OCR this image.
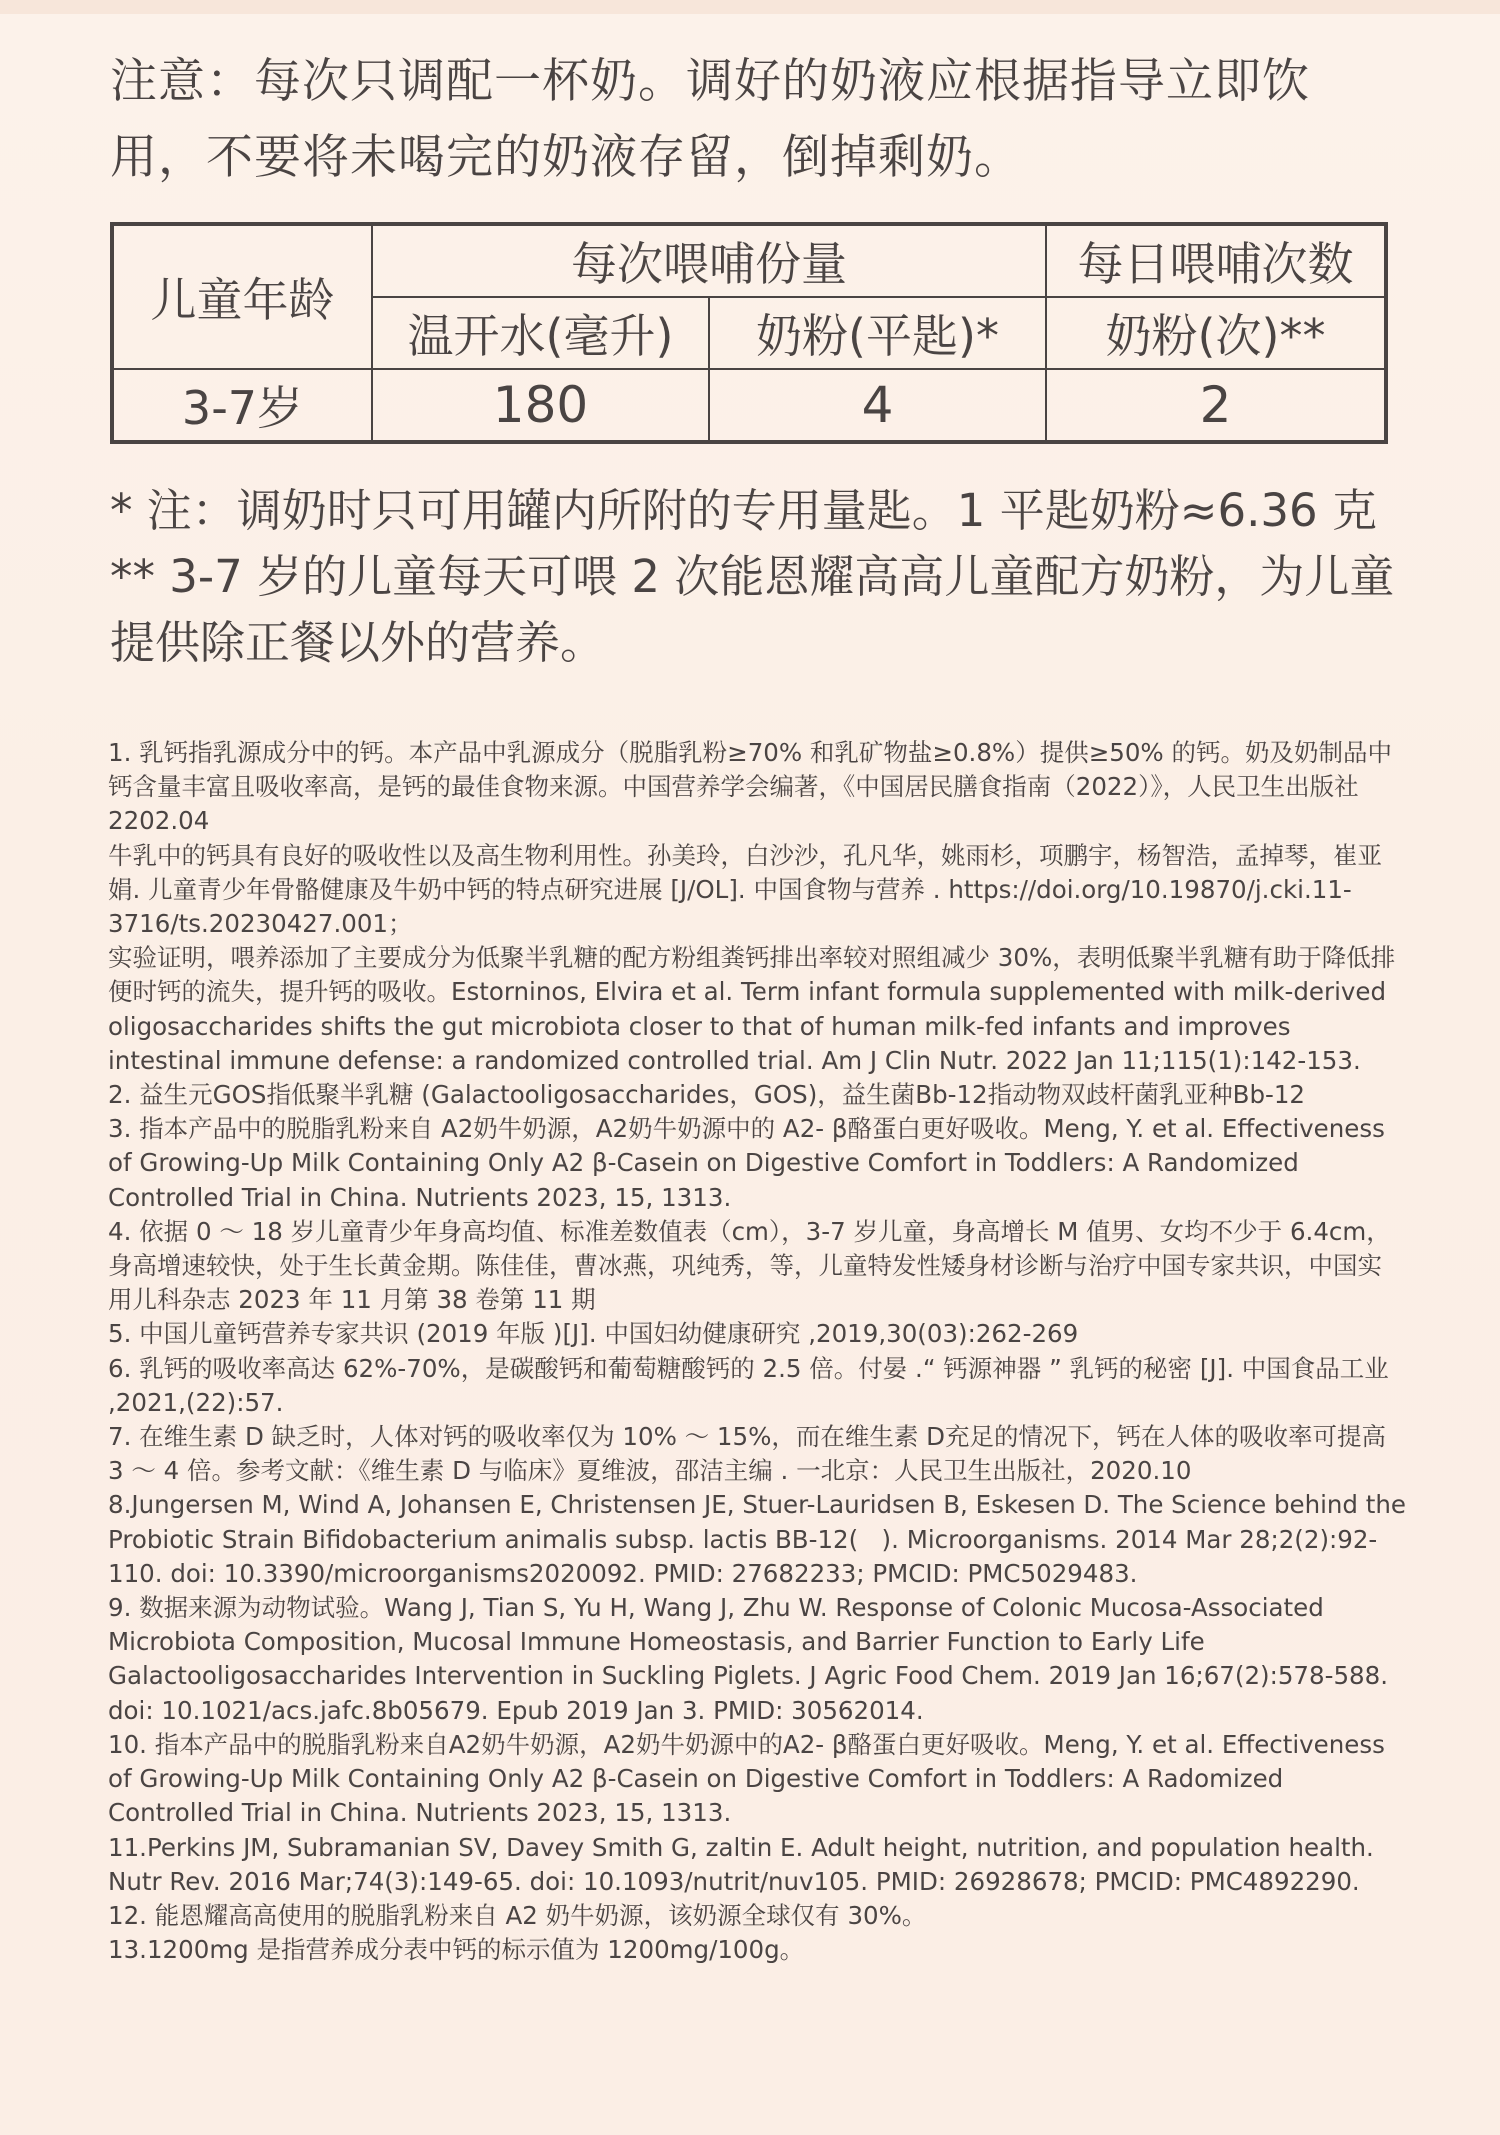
注意：每次只调配一杯奶。调好的奶液应根据指导立即饮用，不要将未喝完的奶液存留，倒掉剩奶。

儿童年龄	每次喂哺份量		每日喂哺次数
	温开水(毫升)	奶粉(平匙)*	奶粉(次)**
3-7岁	180	4	2

* 注：调奶时只可用罐内所附的专用量匙。1 平匙奶粉≈6.36 克

** 3-7 岁的儿童每天可喂 2 次能恩耀高高儿童配方奶粉，为儿童提供除正餐以外的营养。

1. 乳钙指乳源成分中的钙。本产品中乳源成分（脱脂乳粉≥70% 和乳矿物盐≥0.8%）提供≥50% 的钙。奶及奶制品中钙含量丰富且吸收率高，是钙的最佳食物来源。中国营养学会编著，《中国居民膳食指南（2022）》，人民卫生出版社 2202.04

牛乳中的钙具有良好的吸收性以及高生物利用性。孙美玲，白沙沙，孔凡华，姚雨杉，项鹏宇，杨智浩，孟掉琴，崔亚娟. 儿童青少年骨骼健康及牛奶中钙的特点研究进展 [J/OL]. 中国食物与营养 . https://doi.org/10.19870/j.cki.11-3716/ts.20230427.001；

实验证明，喂养添加了主要成分为低聚半乳糖的配方粉组粪钙排出率较对照组减少 30%，表明低聚半乳糖有助于降低排便时钙的流失，提升钙的吸收。Estorninos, Elvira et al. Term infant formula supplemented with milk-derived oligosaccharides shifts the gut microbiota closer to that of human milk-fed infants and improves intestinal immune defense: a randomized controlled trial. Am J Clin Nutr. 2022 Jan 11;115(1):142-153.

2. 益生元GOS指低聚半乳糖 (Galactooligosaccharides，GOS)，益生菌Bb-12指动物双歧杆菌乳亚种Bb-12

3. 指本产品中的脱脂乳粉来自 A2奶牛奶源，A2奶牛奶源中的 A2- β酪蛋白更好吸收。Meng, Y. et al. Effectiveness of Growing-Up Milk Containing Only A2 β-Casein on Digestive Comfort in Toddlers: A Randomized Controlled Trial in China. Nutrients 2023, 15, 1313.

4. 依据 0 ～ 18 岁儿童青少年身高均值、标准差数值表（cm），3-7 岁儿童，身高增长 M 值男、女均不少于 6.4cm，身高增速较快，处于生长黄金期。陈佳佳，曹冰燕，巩纯秀，等，儿童特发性矮身材诊断与治疗中国专家共识，中国实用儿科杂志 2023 年 11 月第 38 卷第 11 期

5. 中国儿童钙营养专家共识 (2019 年版 )[J]. 中国妇幼健康研究 ,2019,30(03):262-269

6. 乳钙的吸收率高达 62%-70%，是碳酸钙和葡萄糖酸钙的 2.5 倍。付晏 .“ 钙源神器 ” 乳钙的秘密 [J]. 中国食品工业 ,2021,(22):57.

7. 在维生素 D 缺乏时，人体对钙的吸收率仅为 10% ～ 15%，而在维生素 D充足的情况下，钙在人体的吸收率可提高 3 ～ 4 倍。参考文献：《维生素 D 与临床》夏维波，邵洁主编 . 一北京：人民卫生出版社，2020.10

8.Jungersen M, Wind A, Johansen E, Christensen JE, Stuer-Lauridsen B, Eskesen D. The Science behind the Probiotic Strain Bifidobacterium animalis subsp. lactis BB-12(   ). Microorganisms. 2014 Mar 28;2(2):92-110. doi: 10.3390/microorganisms2020092. PMID: 27682233; PMCID: PMC5029483.

9. 数据来源为动物试验。Wang J, Tian S, Yu H, Wang J, Zhu W. Response of Colonic Mucosa-Associated Microbiota Composition, Mucosal Immune Homeostasis, and Barrier Function to Early Life Galactooligosaccharides Intervention in Suckling Piglets. J Agric Food Chem. 2019 Jan 16;67(2):578-588. doi: 10.1021/acs.jafc.8b05679. Epub 2019 Jan 3. PMID: 30562014.

10. 指本产品中的脱脂乳粉来自A2奶牛奶源，A2奶牛奶源中的A2- β酪蛋白更好吸收。Meng, Y. et al. Effectiveness of Growing-Up Milk Containing Only A2 β-Casein on Digestive Comfort in Toddlers: A Radomized Controlled Trial in China. Nutrients 2023, 15, 1313.

11.Perkins JM, Subramanian SV, Davey Smith G, zaltin E. Adult height, nutrition, and population health. Nutr Rev. 2016 Mar;74(3):149-65. doi: 10.1093/nutrit/nuv105. PMID: 26928678; PMCID: PMC4892290.

12. 能恩耀高高使用的脱脂乳粉来自 A2 奶牛奶源，该奶源全球仅有 30%。

13.1200mg 是指营养成分表中钙的标示值为 1200mg/100g。
